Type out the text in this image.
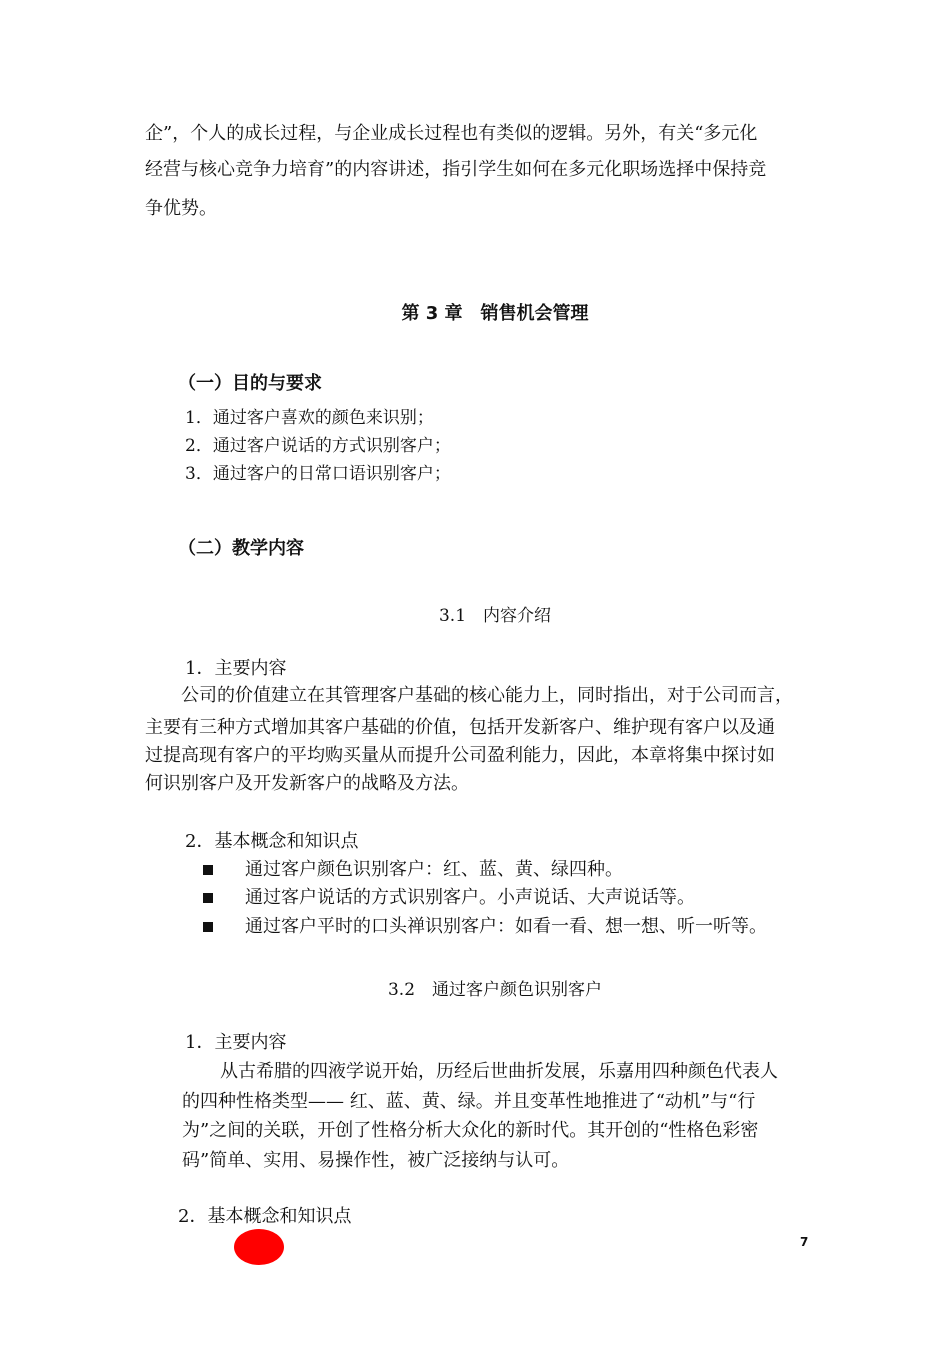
企”，个人的成长过程，与企业成长过程也有类似的逻辑。另外，有关“多元化
经营与核心竞争力培育”的内容讲述，指引学生如何在多元化职场选择中保持竞
争优势。
第 3 章　销售机会管理
（一）目的与要求
1．通过客户喜欢的颜色来识别；
2．通过客户说话的方式识别客户；
3．通过客户的日常口语识别客户；
（二）教学内容
3.1　内容介绍
1．主要内容
公司的价值建立在其管理客户基础的核心能力上，同时指出，对于公司而言，
主要有三种方式增加其客户基础的价值，包括开发新客户、维护现有客户以及通
过提高现有客户的平均购买量从而提升公司盈利能力，因此，本章将集中探讨如
何识别客户及开发新客户的战略及方法。
2．基本概念和知识点
通过客户颜色识别客户：红、蓝、黄、绿四种。
通过客户说话的方式识别客户。小声说话、大声说话等。
通过客户平时的口头禅识别客户：如看一看、想一想、听一听等。
3.2　通过客户颜色识别客户
1．主要内容
从古希腊的四液学说开始，历经后世曲折发展，乐嘉用四种颜色代表人
的四种性格类型—— 红、蓝、黄、绿。并且变革性地推进了“动机”与“行
为”之间的关联，开创了性格分析大众化的新时代。其开创的“性格色彩密
码”简单、实用、易操作性，被广泛接纳与认可。
2．基本概念和知识点
7
